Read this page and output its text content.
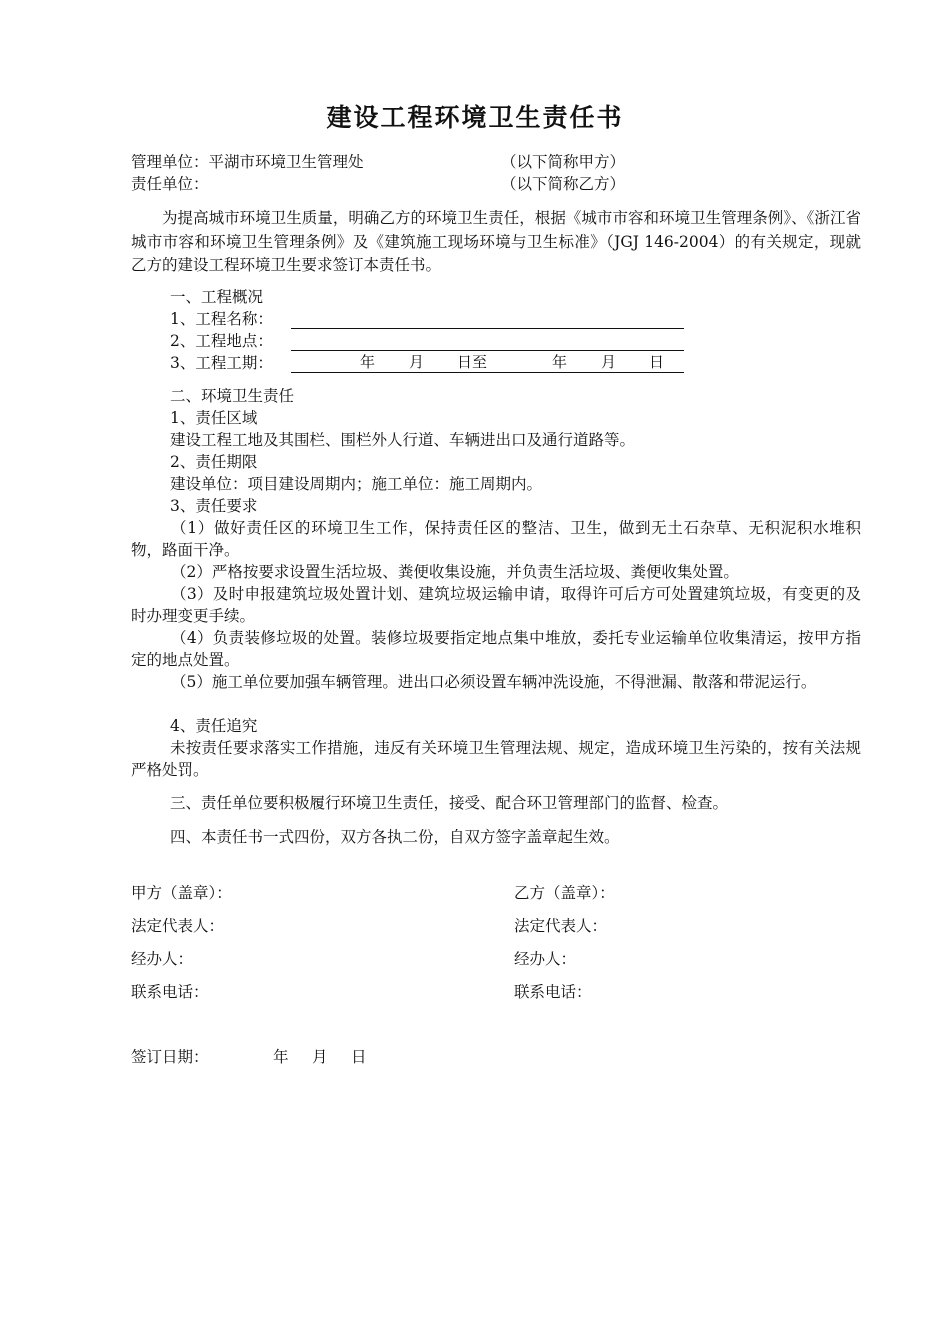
建设工程环境卫生责任书
管理单位：平湖市环境卫生管理处	（以下简称甲方）
责任单位：	（以下简称乙方）
为提高城市环境卫生质量，明确乙方的环境卫生责任，根据《城市市容和环境卫生管理条例》、《浙江省城市市容和环境卫生管理条例》及《建筑施工现场环境与卫生标准》（JGJ 146-2004）的有关规定，现就乙方的建设工程环境卫生要求签订本责任书。
一、工程概况
1、工程名称：
2、工程地点：
3、工程工期：	年 月 日至	年 月 日
二、环境卫生责任
1、责任区域
建设工程工地及其围栏、围栏外人行道、车辆进出口及通行道路等。
2、责任期限
建设单位：项目建设周期内；施工单位：施工周期内。
3、责任要求
（1）做好责任区的环境卫生工作，保持责任区的整洁、卫生，做到无土石杂草、无积泥积水堆积物，路面干净。
（2）严格按要求设置生活垃圾、粪便收集设施，并负责生活垃圾、粪便收集处置。
（3）及时申报建筑垃圾处置计划、建筑垃圾运输申请，取得许可后方可处置建筑垃圾，有变更的及时办理变更手续。
（4）负责装修垃圾的处置。装修垃圾要指定地点集中堆放，委托专业运输单位收集清运，按甲方指定的地点处置。
（5）施工单位要加强车辆管理。进出口必须设置车辆冲洗设施，不得泄漏、散落和带泥运行。
4、责任追究
未按责任要求落实工作措施，违反有关环境卫生管理法规、规定，造成环境卫生污染的，按有关法规严格处罚。
三、责任单位要积极履行环境卫生责任，接受、配合环卫管理部门的监督、检查。
四、本责任书一式四份，双方各执二份，自双方签字盖章起生效。
甲方（盖章）：	乙方（盖章）：
法定代表人：	法定代表人：
经办人：	经办人：
联系电话：	联系电话：
签订日期：	年 月 日
